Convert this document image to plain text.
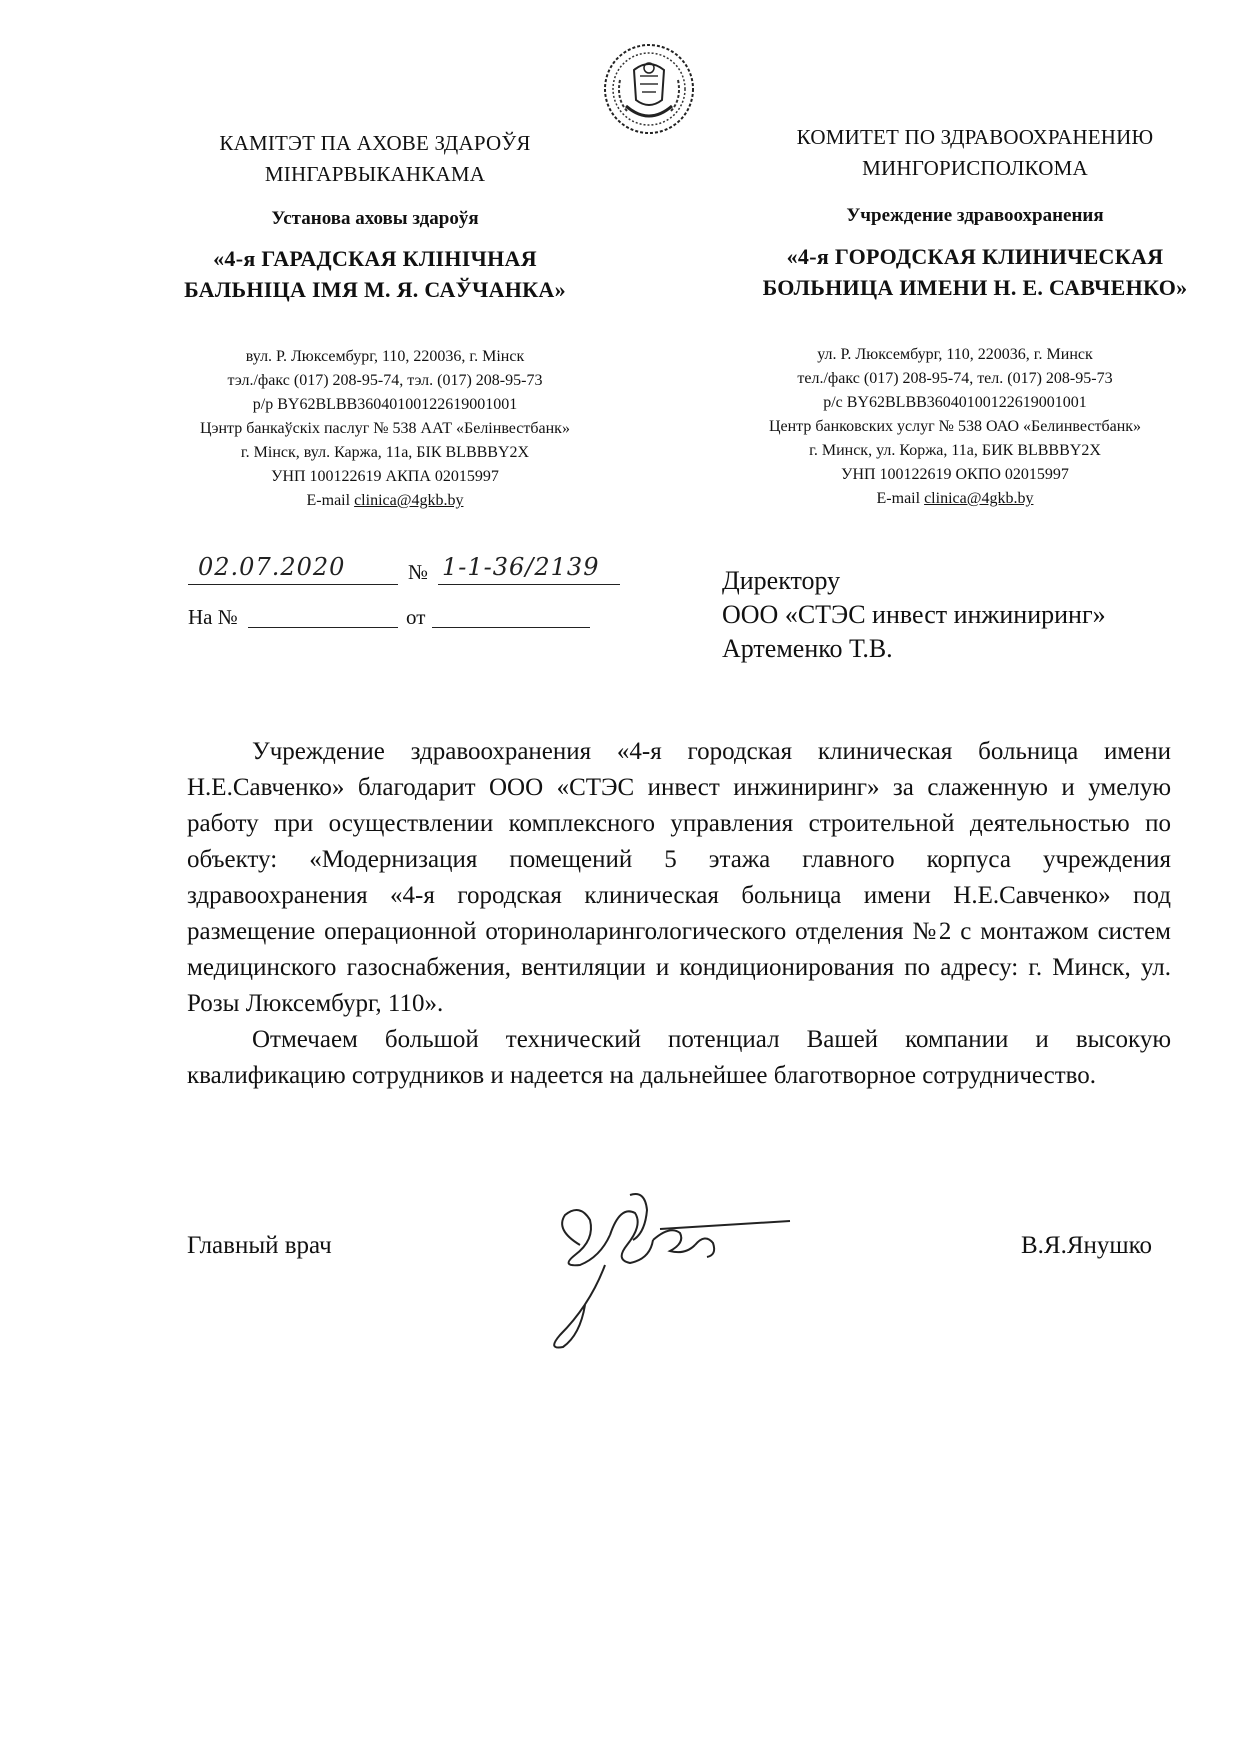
КАМІТЭТ ПА АХОВЕ ЗДАРОЎЯ
МІНГАРВЫКАНКАМА
Установа аховы здароўя
«4-я ГАРАДСКАЯ КЛІНІЧНАЯ
БАЛЬНІЦА ІМЯ М. Я. САЎЧАНКА»
вул. Р. Люксембург, 110, 220036, г. Мінск
тэл./факс (017) 208-95-74, тэл. (017) 208-95-73
р/р BY62BLBB36040100122619001001
Цэнтр банкаўскіх паслуг № 538 ААТ «Белінвестбанк»
г. Мінск, вул. Каржа, 11а, БІК BLBBBY2X
УНП 100122619 АКПА 02015997
E-mail clinica@4gkb.by
КОМИТЕТ ПО ЗДРАВООХРАНЕНИЮ
МИНГОРИСПОЛКОМА
Учреждение здравоохранения
«4-я ГОРОДСКАЯ КЛИНИЧЕСКАЯ
БОЛЬНИЦА ИМЕНИ Н. Е. САВЧЕНКО»
ул. Р. Люксембург, 110, 220036, г. Минск
тел./факс (017) 208-95-74, тел. (017) 208-95-73
р/с BY62BLBB36040100122619001001
Центр банковских услуг № 538 ОАО «Белинвестбанк»
г. Минск, ул. Коржа, 11а, БИК BLBBBY2X
УНП 100122619 ОКПО 02015997
E-mail clinica@4gkb.by
02.07.2020	№ 1-1-36/2139
На №	от
Директору
ООО «СТЭС инвест инжиниринг»
Артеменко Т.В.

Учреждение здравоохранения «4-я городская клиническая больница имени Н.Е.Савченко» благодарит ООО «СТЭС инвест инжиниринг» за слаженную и умелую работу при осуществлении комплексного управления строительной деятельностью по объекту: «Модернизация помещений 5 этажа главного корпуса учреждения здравоохранения «4-я городская клиническая больница имени Н.Е.Савченко» под размещение операционной оториноларингологического отделения №2 с монтажом систем медицинского газоснабжения, вентиляции и кондиционирования по адресу: г. Минск, ул. Розы Люксембург, 110».

Отмечаем большой технический потенциал Вашей компании и высокую квалификацию сотрудников и надеется на дальнейшее благотворное сотрудничество.

Главный врач	В.Я.Янушко
